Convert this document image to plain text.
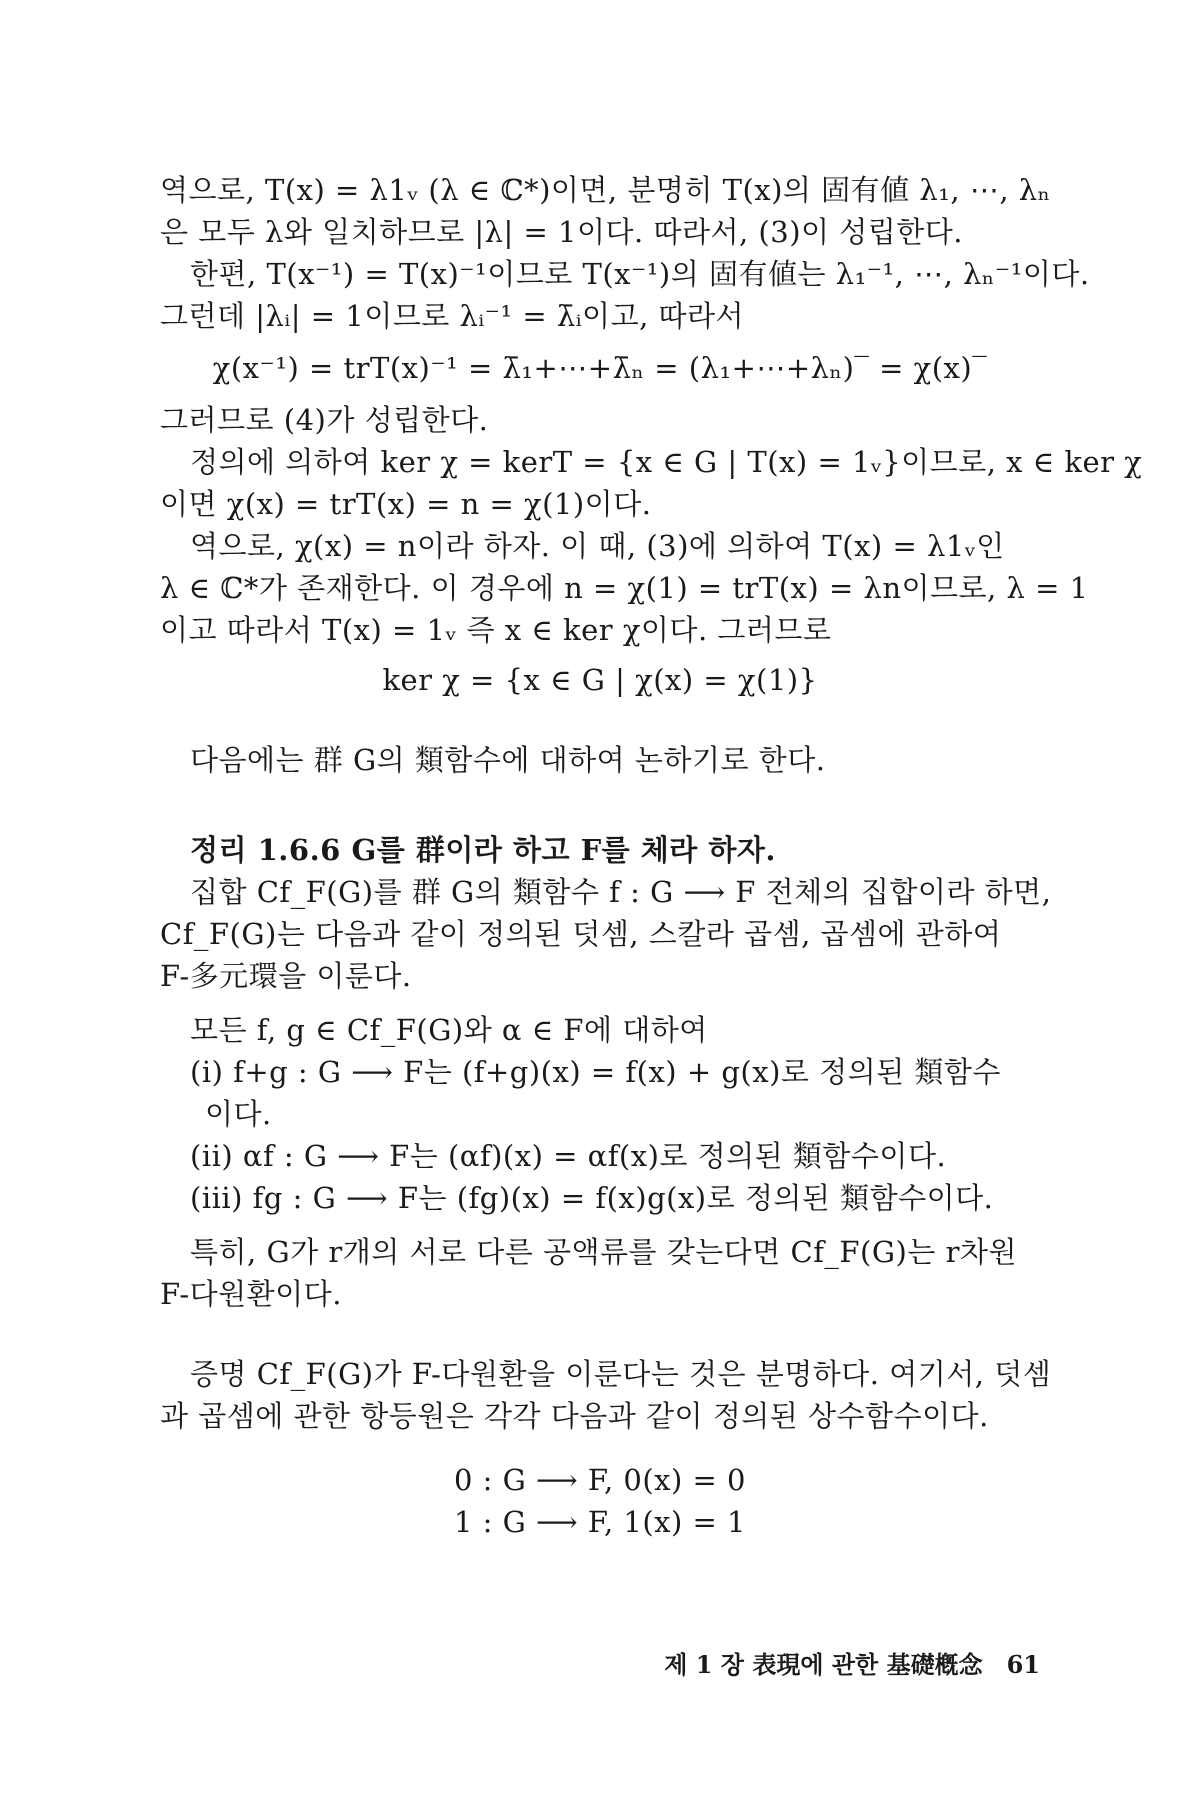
역으로, T(x) = λ1ᵥ (λ ∈ ℂ*)이면, 분명히 T(x)의 固有値 λ₁, ⋯, λₙ
은 모두 λ와 일치하므로 |λ| = 1이다. 따라서, (3)이 성립한다.
한편, T(x⁻¹) = T(x)⁻¹이므로 T(x⁻¹)의 固有値는 λ₁⁻¹, ⋯, λₙ⁻¹이다.
그런데 |λᵢ| = 1이므로 λᵢ⁻¹ = λ̄ᵢ이고, 따라서
χ(x⁻¹) = trT(x)⁻¹ = λ̄₁+⋯+λ̄ₙ = (λ₁+⋯+λₙ)‾ = χ(x)‾
그러므로 (4)가 성립한다.
정의에 의하여 ker χ = kerT = {x ∈ G | T(x) = 1ᵥ}이므로, x ∈ ker χ
이면 χ(x) = trT(x) = n = χ(1)이다.
역으로, χ(x) = n이라 하자. 이 때, (3)에 의하여 T(x) = λ1ᵥ인
λ ∈ ℂ*가 존재한다. 이 경우에 n = χ(1) = trT(x) = λn이므로, λ = 1
이고 따라서 T(x) = 1ᵥ 즉 x ∈ ker χ이다. 그러므로
ker χ = {x ∈ G | χ(x) = χ(1)}
다음에는 群 G의 類함수에 대하여 논하기로 한다.
정리 1.6.6 G를 群이라 하고 F를 체라 하자.
집합 Cf_F(G)를 群 G의 類함수 f : G ⟶ F 전체의 집합이라 하면,
Cf_F(G)는 다음과 같이 정의된 덧셈, 스칼라 곱셈, 곱셈에 관하여
F-多元環을 이룬다.
모든 f, g ∈ Cf_F(G)와 α ∈ F에 대하여
(i) f+g : G ⟶ F는 (f+g)(x) = f(x) + g(x)로 정의된 類함수
이다.
(ii) αf : G ⟶ F는 (αf)(x) = αf(x)로 정의된 類함수이다.
(iii) fg : G ⟶ F는 (fg)(x) = f(x)g(x)로 정의된 類함수이다.
특히, G가 r개의 서로 다른 공액류를 갖는다면 Cf_F(G)는 r차원
F-다원환이다.
증명 Cf_F(G)가 F-다원환을 이룬다는 것은 분명하다. 여기서, 덧셈
과 곱셈에 관한 항등원은 각각 다음과 같이 정의된 상수함수이다.
0 : G ⟶ F, 0(x) = 0
1 : G ⟶ F, 1(x) = 1
제 1 장 表現에 관한 基礎槪念 61
